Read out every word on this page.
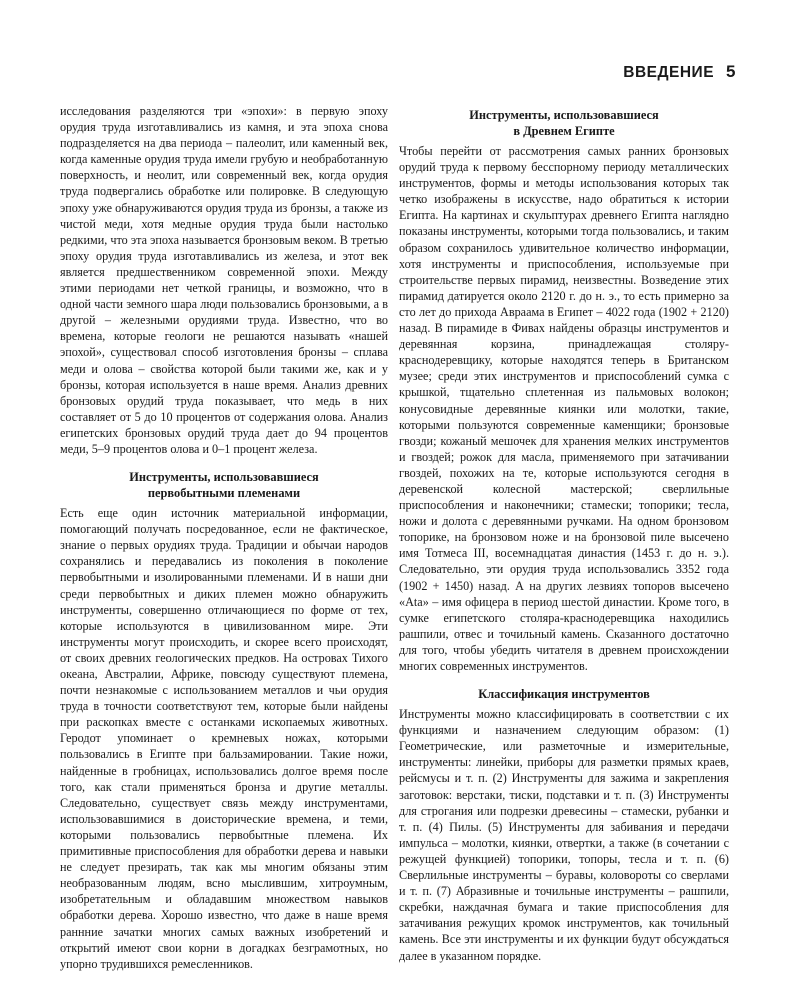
ВВЕДЕНИЕ 5

исследования разделяются три «эпохи»: в первую эпоху орудия труда изготавливались из камня, и эта эпоха снова подразделяется на два периода – палеолит, или каменный век, когда каменные орудия труда имели грубую и необработанную поверхность, и неолит, или современный век, когда орудия труда подвергались обработке или полировке. В следующую эпоху уже обнаруживаются орудия труда из бронзы, а также из чистой меди, хотя медные орудия труда были настолько редкими, что эта эпоха называется бронзовым веком. В третью эпоху орудия труда изготавливались из железа, и этот век является предшественником современной эпохи. Между этими периодами нет четкой границы, и возможно, что в одной части земного шара люди пользовались бронзовыми, а в другой – железными орудиями труда. Известно, что во времена, которые геологи не решаются называть «нашей эпохой», существовал способ изготовления бронзы – сплава меди и олова – свойства которой были такими же, как и у бронзы, которая используется в наше время. Анализ древних бронзовых орудий труда показывает, что медь в них составляет от 5 до 10 процентов от содержания олова. Анализ египетских бронзовых орудий труда дает до 94 процентов меди, 5–9 процентов олова и 0–1 процент железа.

Инструменты, использовавшиеся
первобытными племенами

Есть еще один источник материальной информации, помогающий получать посредованное, если не фактическое, знание о первых орудиях труда. Традиции и обычаи народов сохранялись и передавались из поколения в поколение первобытными и изолированными племенами. И в наши дни среди первобытных и диких племен можно обнаружить инструменты, совершенно отличающиеся по форме от тех, которые используются в цивилизованном мире. Эти инструменты могут происходить, и скорее всего происходят, от своих древних геологических предков. На островах Тихого океана, Австралии, Африке, повсюду существуют племена, почти незнакомые с использованием металлов и чьи орудия труда в точности соответствуют тем, которые были найдены при раскопках вместе с останками ископаемых животных. Геродот упоминает о кремневых ножах, которыми пользовались в Египте при бальзамировании. Такие ножи, найденные в гробницах, использовались долгое время после того, как стали применяться бронза и другие металлы. Следовательно, существует связь между инструментами, использовавшимися в доисторические времена, и теми, которыми пользовались первобытные племена. Их примитивные приспособления для обработки дерева и навыки не следует презирать, так как мы многим обязаны этим необразованным людям, всно мыслившим, хитроумным, изобретательным и обладавшим множеством навыков обработки дерева. Хорошо известно, что даже в наше время раннние зачатки многих самых важных изобретений и открытий имеют свои корни в догадках безграмотных, но упорно трудившихся ремесленников.

Инструменты, использовавшиеся
в Древнем Египте

Чтобы перейти от рассмотрения самых ранних бронзовых орудий труда к первому бесспорному периоду металлических инструментов, формы и методы использования которых так четко изображены в искусстве, надо обратиться к истории Египта. На картинах и скульптурах древнего Египта наглядно показаны инструменты, которыми тогда пользовались, и таким образом сохранилось удивительное количество информации, хотя инструменты и приспособления, используемые при строительстве первых пирамид, неизвестны. Возведение этих пирамид датируется около 2120 г. до н. э., то есть примерно за сто лет до прихода Авраама в Египет – 4022 года (1902 + 2120) назад. В пирамиде в Фивах найдены образцы инструментов и деревянная корзина, принадлежащая столяру-краснодеревщику, которые находятся теперь в Британском музее; среди этих инструментов и приспособлений сумка с крышкой, тщательно сплетенная из пальмовых волокон; конусовидные деревянные киянки или молотки, такие, которыми пользуются современные каменщики; бронзовые гвозди; кожаный мешочек для хранения мелких инструментов и гвоздей; рожок для масла, применяемого при затачивании гвоздей, похожих на те, которые используются сегодня в деревенской колесной мастерской; сверлильные приспособления и наконечники; стамески; топорики; тесла, ножи и долота с деревянными ручками. На одном бронзовом топорике, на бронзовом ноже и на бронзовой пиле высечено имя Тотмеса III, восемнадцатая династия (1453 г. до н. э.). Следовательно, эти орудия труда использовались 3352 года (1902 + 1450) назад. А на других лезвиях топоров высечено «Ata» – имя офицера в период шестой династии. Кроме того, в сумке египетского столяра-краснодеревщика находились рашпили, отвес и точильный камень. Сказанного достаточно для того, чтобы убедить читателя в древнем происхождении многих современных инструментов.

Классификация инструментов

Инструменты можно классифицировать в соответствии с их функциями и назначением следующим образом: (1) Геометрические, или разметочные и измерительные, инструменты: линейки, приборы для разметки прямых краев, рейсмусы и т. п. (2) Инструменты для зажима и закрепления заготовок: верстаки, тиски, подставки и т. п. (3) Инструменты для строгания или подрезки древесины – стамески, рубанки и т. п. (4) Пилы. (5) Инструменты для забивания и передачи импульса – молотки, киянки, отвертки, а также (в сочетании с режущей функцией) топорики, топоры, тесла и т. п. (6) Сверлильные инструменты – буравы, коловороты со сверлами и т. п. (7) Абразивные и точильные инструменты – рашпили, скребки, наждачная бумага и такие приспособления для затачивания режущих кромок инструментов, как точильный камень. Все эти инструменты и их функции будут обсуждаться далее в указанном порядке.
